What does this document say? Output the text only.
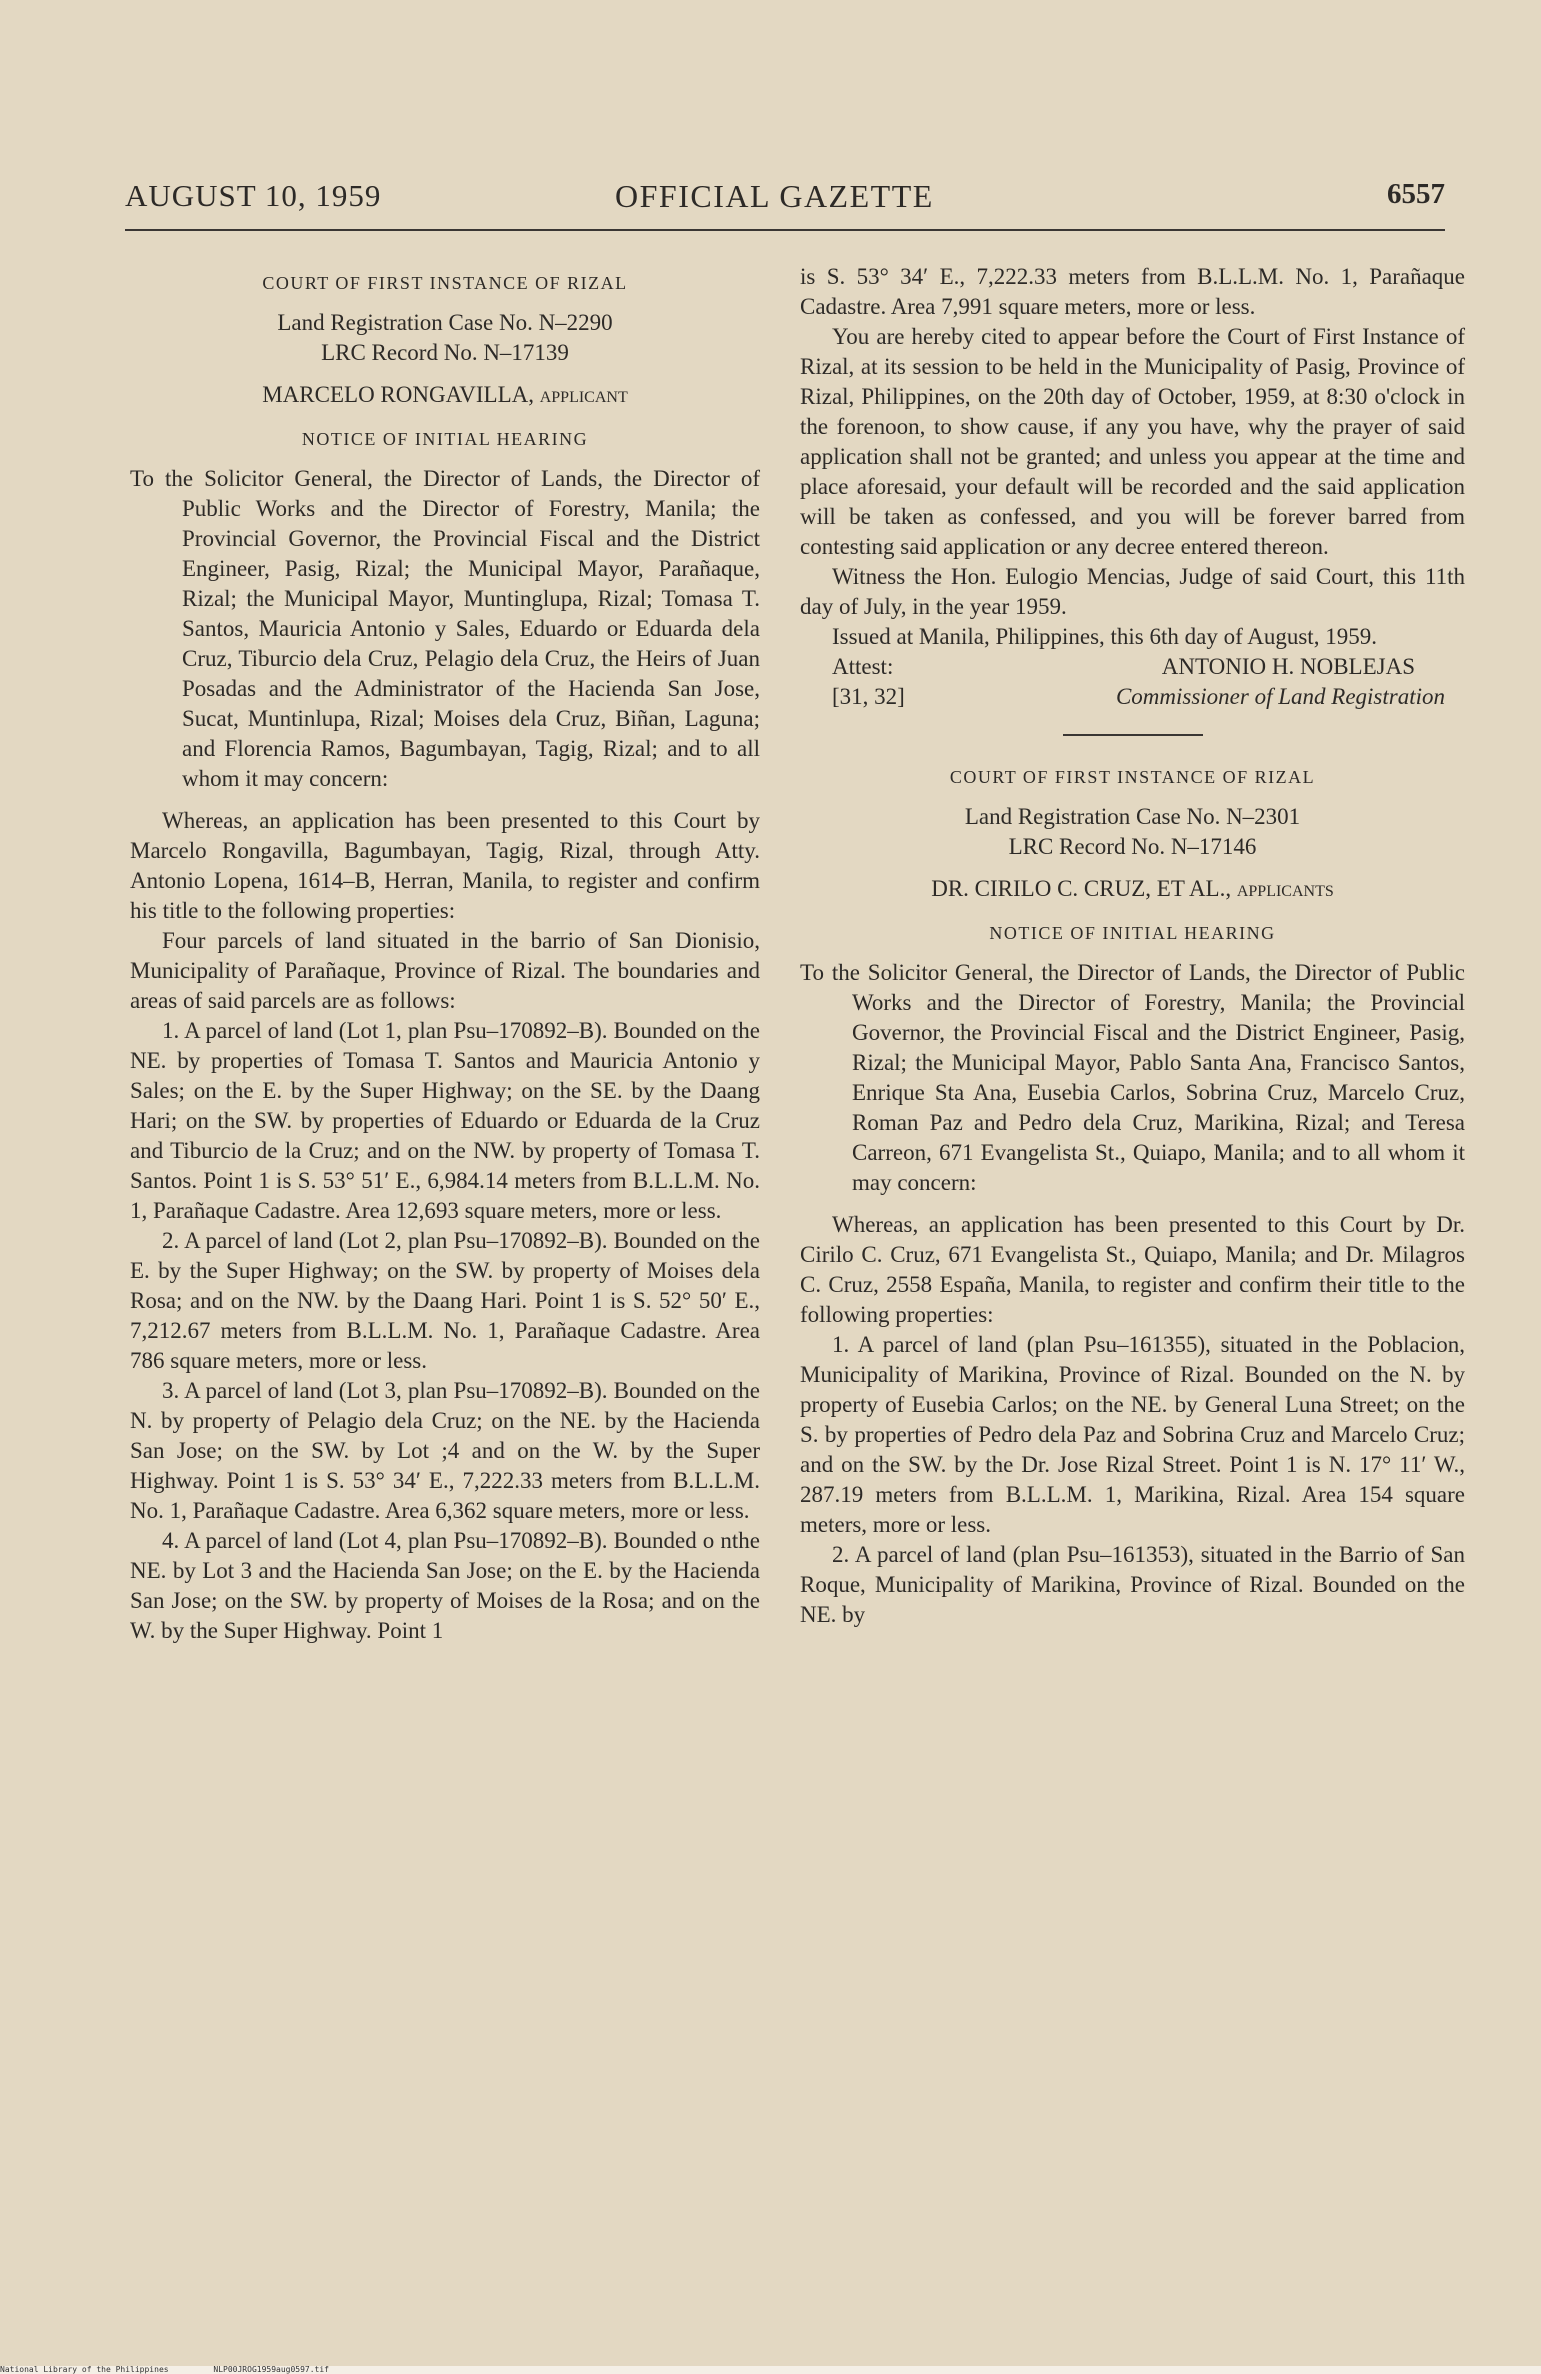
AUGUST 10, 1959	OFFICIAL GAZETTE	6557

COURT OF FIRST INSTANCE OF RIZAL

Land Registration Case No. N–2290

LRC Record No. N–17139

MARCELO RONGAVILLA, applicant

NOTICE OF INITIAL HEARING

To the Solicitor General, the Director of Lands, the Director of Public Works and the Director of Forestry, Manila; the Provincial Governor, the Provincial Fiscal and the District Engineer, Pasig, Rizal; the Municipal Mayor, Parañaque, Rizal; the Municipal Mayor, Muntinglupa, Rizal; Tomasa T. Santos, Mauricia Antonio y Sales, Eduardo or Eduarda dela Cruz, Tiburcio dela Cruz, Pelagio dela Cruz, the Heirs of Juan Posadas and the Administrator of the Hacienda San Jose, Sucat, Muntinlupa, Rizal; Moises dela Cruz, Biñan, Laguna; and Florencia Ramos, Bagumbayan, Tagig, Rizal; and to all whom it may concern:

Whereas, an application has been presented to this Court by Marcelo Rongavilla, Bagumbayan, Tagig, Rizal, through Atty. Antonio Lopena, 1614–B, Herran, Manila, to register and confirm his title to the following properties:

Four parcels of land situated in the barrio of San Dionisio, Municipality of Parañaque, Province of Rizal. The boundaries and areas of said parcels are as follows:

1. A parcel of land (Lot 1, plan Psu–170892–B). Bounded on the NE. by properties of Tomasa T. Santos and Mauricia Antonio y Sales; on the E. by the Super Highway; on the SE. by the Daang Hari; on the SW. by properties of Eduardo or Eduarda de la Cruz and Tiburcio de la Cruz; and on the NW. by property of Tomasa T. Santos. Point 1 is S. 53° 51′ E., 6,984.14 meters from B.L.L.M. No. 1, Parañaque Cadastre. Area 12,693 square meters, more or less.

2. A parcel of land (Lot 2, plan Psu–170892–B). Bounded on the E. by the Super Highway; on the SW. by property of Moises dela Rosa; and on the NW. by the Daang Hari. Point 1 is S. 52° 50′ E., 7,212.67 meters from B.L.L.M. No. 1, Parañaque Cadastre. Area 786 square meters, more or less.

3. A parcel of land (Lot 3, plan Psu–170892–B). Bounded on the N. by property of Pelagio dela Cruz; on the NE. by the Hacienda San Jose; on the SW. by Lot ;4 and on the W. by the Super Highway. Point 1 is S. 53° 34′ E., 7,222.33 meters from B.L.L.M. No. 1, Parañaque Cadastre. Area 6,362 square meters, more or less.

4. A parcel of land (Lot 4, plan Psu–170892–B). Bounded o nthe NE. by Lot 3 and the Hacienda San Jose; on the E. by the Hacienda San Jose; on the SW. by property of Moises de la Rosa; and on the W. by the Super Highway. Point 1

is S. 53° 34′ E., 7,222.33 meters from B.L.L.M. No. 1, Parañaque Cadastre. Area 7,991 square meters, more or less.

You are hereby cited to appear before the Court of First Instance of Rizal, at its session to be held in the Municipality of Pasig, Province of Rizal, Philippines, on the 20th day of October, 1959, at 8:30 o'clock in the forenoon, to show cause, if any you have, why the prayer of said application shall not be granted; and unless you appear at the time and place aforesaid, your default will be recorded and the said application will be taken as confessed, and you will be forever barred from contesting said application or any decree entered thereon.

Witness the Hon. Eulogio Mencias, Judge of said Court, this 11th day of July, in the year 1959.

Issued at Manila, Philippines, this 6th day of August, 1959.

Attest:	ANTONIO H. NOBLEJAS
[31, 32]	Commissioner of Land Registration

COURT OF FIRST INSTANCE OF RIZAL

Land Registration Case No. N–2301

LRC Record No. N–17146

DR. CIRILO C. CRUZ, ET AL., applicants

NOTICE OF INITIAL HEARING

To the Solicitor General, the Director of Lands, the Director of Public Works and the Director of Forestry, Manila; the Provincial Governor, the Provincial Fiscal and the District Engineer, Pasig, Rizal; the Municipal Mayor, Pablo Santa Ana, Francisco Santos, Enrique Sta Ana, Eusebia Carlos, Sobrina Cruz, Marcelo Cruz, Roman Paz and Pedro dela Cruz, Marikina, Rizal; and Teresa Carreon, 671 Evangelista St., Quiapo, Manila; and to all whom it may concern:

Whereas, an application has been presented to this Court by Dr. Cirilo C. Cruz, 671 Evangelista St., Quiapo, Manila; and Dr. Milagros C. Cruz, 2558 España, Manila, to register and confirm their title to the following properties:

1. A parcel of land (plan Psu–161355), situated in the Poblacion, Municipality of Marikina, Province of Rizal. Bounded on the N. by property of Eusebia Carlos; on the NE. by General Luna Street; on the S. by properties of Pedro dela Paz and Sobrina Cruz and Marcelo Cruz; and on the SW. by the Dr. Jose Rizal Street. Point 1 is N. 17° 11′ W., 287.19 meters from B.L.L.M. 1, Marikina, Rizal. Area 154 square meters, more or less.

2. A parcel of land (plan Psu–161353), situated in the Barrio of San Roque, Municipality of Marikina, Province of Rizal. Bounded on the NE. by

National Library of the Philippines	NLP00JROG1959aug0597.tif
